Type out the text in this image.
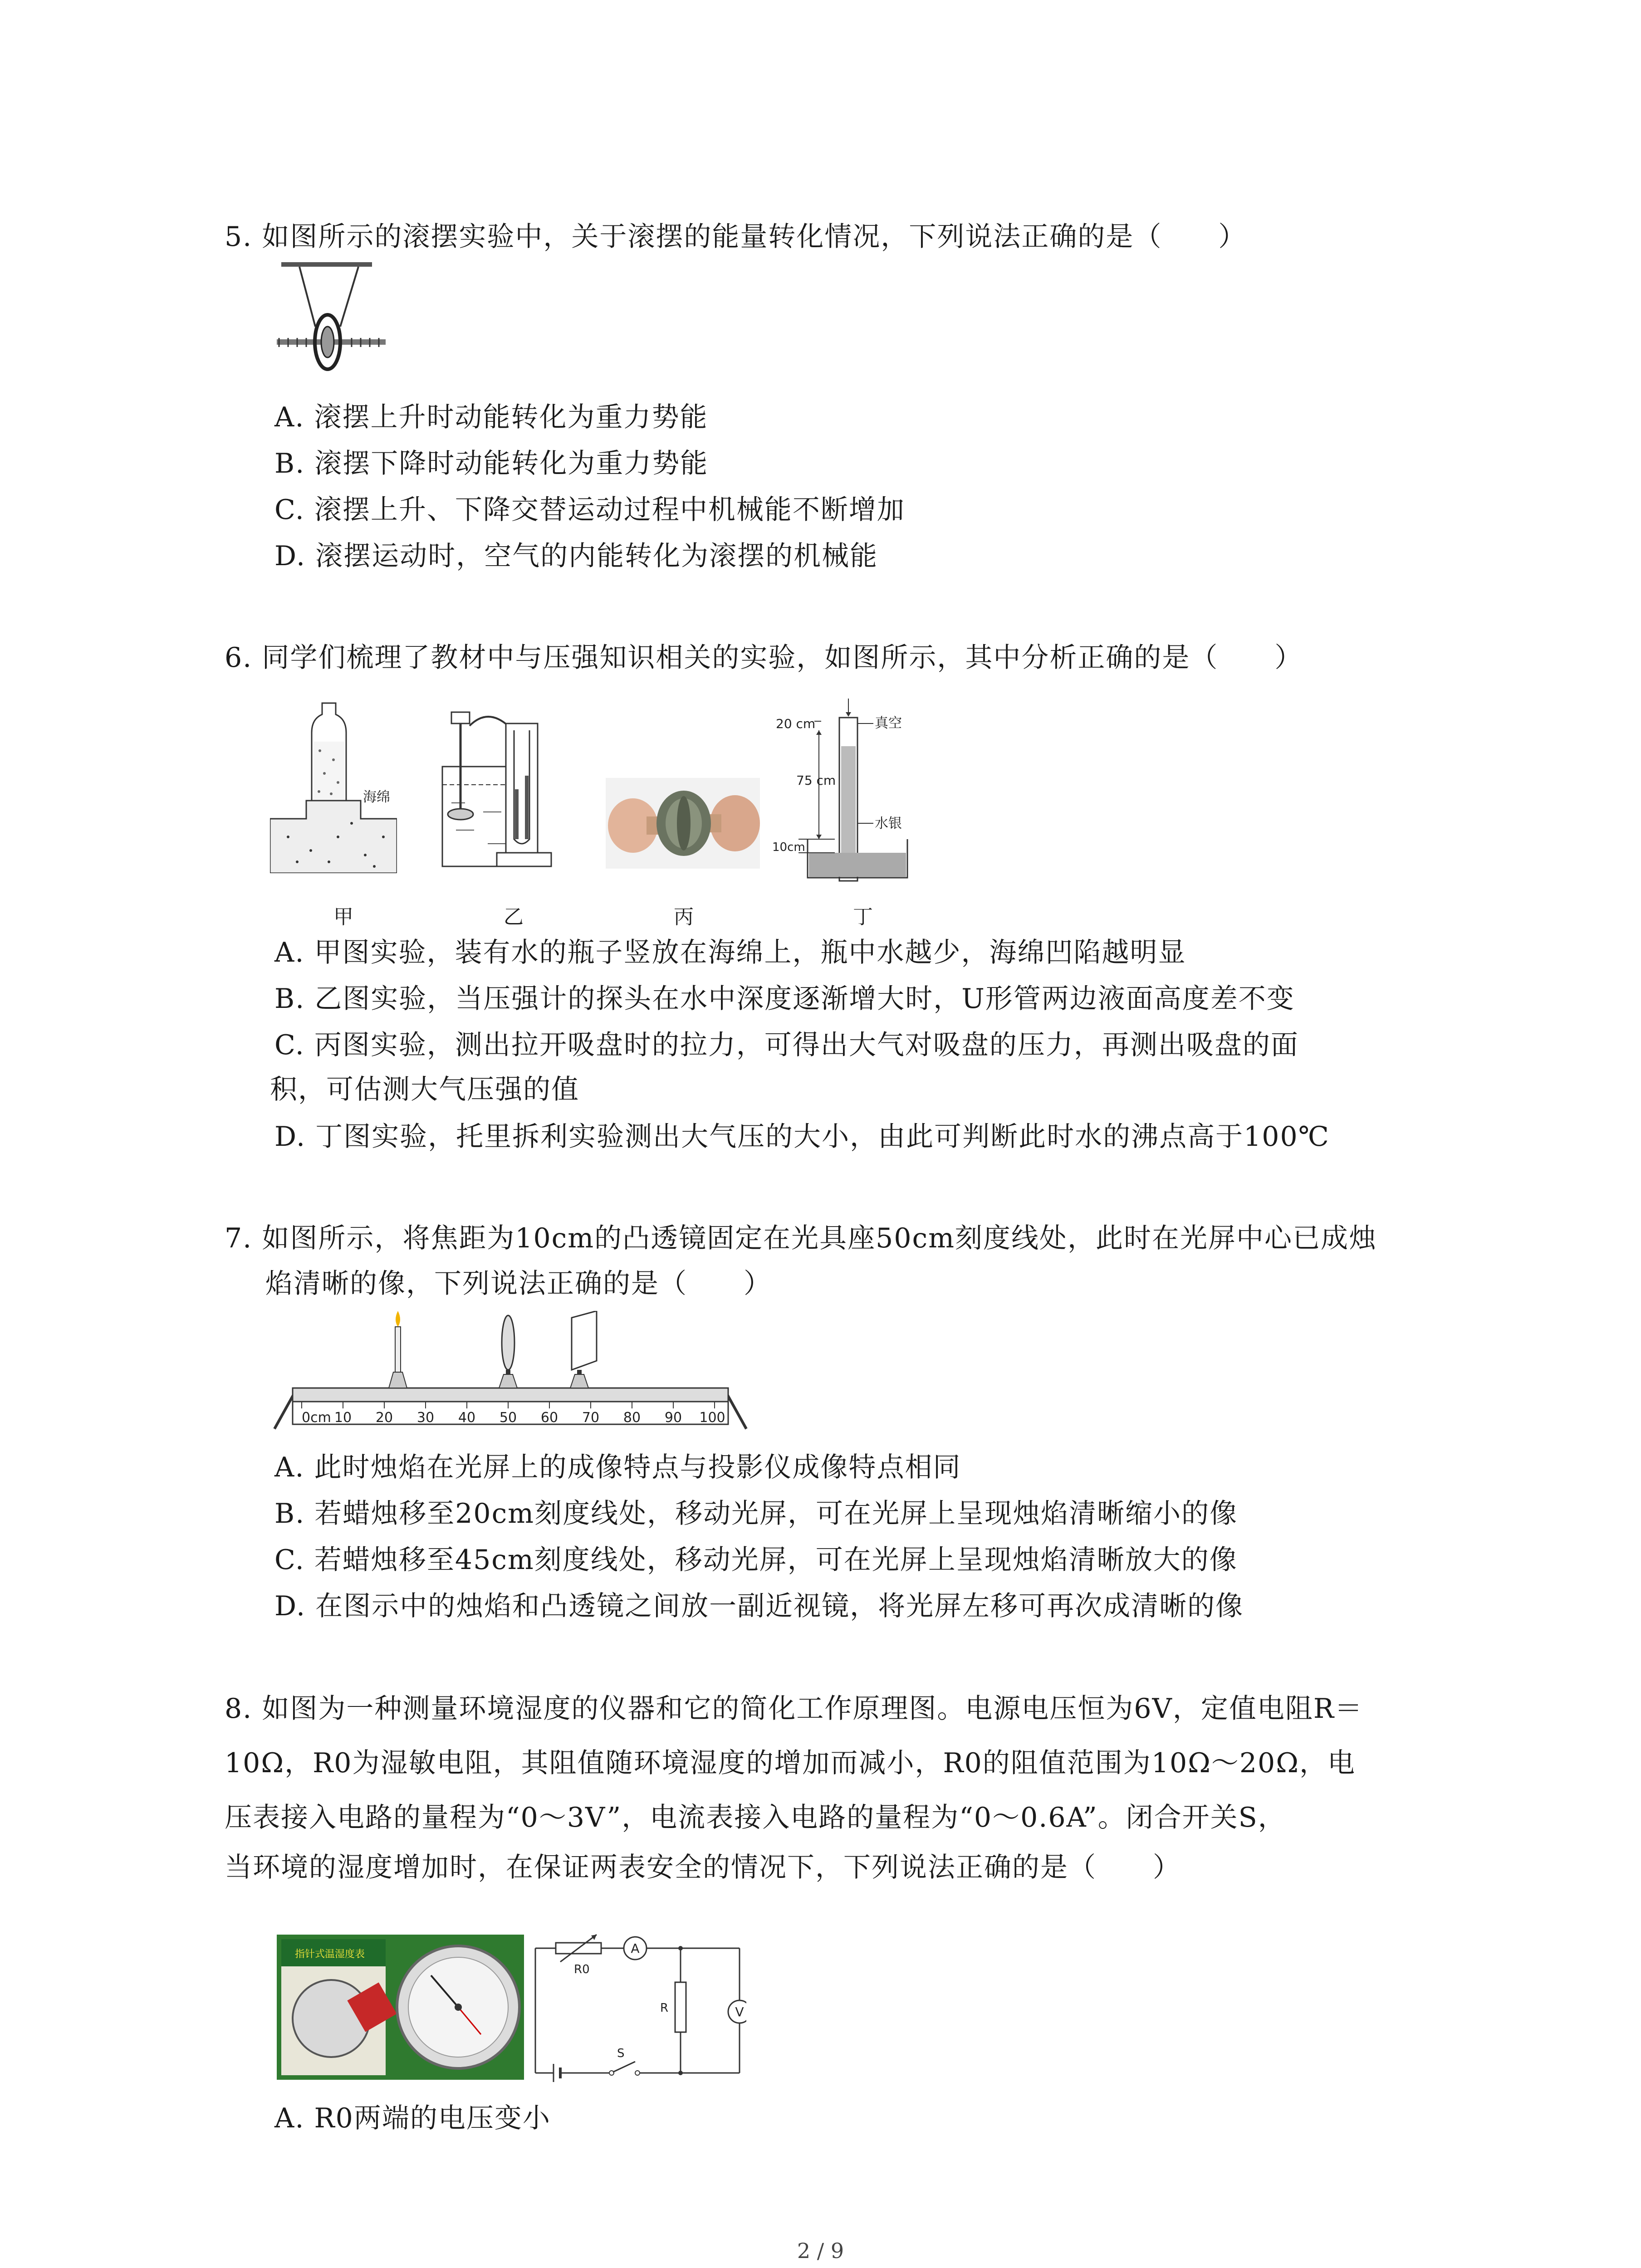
5. 如图所示的滚摆实验中，关于滚摆的能量转化情况，下列说法正确的是（　　）
A. 滚摆上升时动能转化为重力势能
B. 滚摆下降时动能转化为重力势能
C. 滚摆上升、下降交替运动过程中机械能不断增加
D. 滚摆运动时，空气的内能转化为滚摆的机械能
6. 同学们梳理了教材中与压强知识相关的实验，如图所示，其中分析正确的是（　　）
海绵
20 cm	真空
75 cm
水银
10cm
甲	乙	丙	丁
A. 甲图实验，装有水的瓶子竖放在海绵上，瓶中水越少，海绵凹陷越明显
B. 乙图实验，当压强计的探头在水中深度逐渐增大时，U形管两边液面高度差不变
C. 丙图实验，测出拉开吸盘时的拉力，可得出大气对吸盘的压力，再测出吸盘的面
积，可估测大气压强的值
D. 丁图实验，托里拆利实验测出大气压的大小，由此可判断此时水的沸点高于100℃
7. 如图所示，将焦距为10cm的凸透镜固定在光具座50cm刻度线处，此时在光屏中心已成烛
焰清晰的像，下列说法正确的是（　　）
0cm 10 20 30 40 50 60 70 80 90 100
A. 此时烛焰在光屏上的成像特点与投影仪成像特点相同
B. 若蜡烛移至20cm刻度线处，移动光屏，可在光屏上呈现烛焰清晰缩小的像
C. 若蜡烛移至45cm刻度线处，移动光屏，可在光屏上呈现烛焰清晰放大的像
D. 在图示中的烛焰和凸透镜之间放一副近视镜，将光屏左移可再次成清晰的像
8. 如图为一种测量环境湿度的仪器和它的简化工作原理图。电源电压恒为6V，定值电阻R＝
10Ω，R0为湿敏电阻，其阻值随环境湿度的增加而减小，R0的阻值范围为10Ω～20Ω，电
压表接入电路的量程为“0～3V”，电流表接入电路的量程为“0～0.6A”。闭合开关S，
当环境的湿度增加时，在保证两表安全的情况下，下列说法正确的是（　　）
指针式温湿度表
R0
A
R	V
S
A. R0两端的电压变小
2 / 9
